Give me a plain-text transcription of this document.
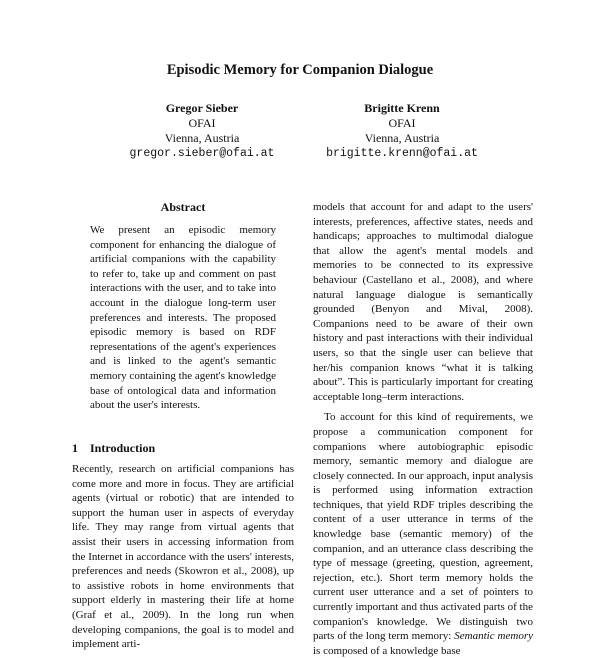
Episodic Memory for Companion Dialogue
Gregor Sieber
OFAI
Vienna, Austria
gregor.sieber@ofai.at
Brigitte Krenn
OFAI
Vienna, Austria
brigitte.krenn@ofai.at
Abstract

We present an episodic memory component for enhancing the dialogue of artificial companions with the capability to refer to, take up and comment on past interactions with the user, and to take into account in the dialogue long-term user preferences and interests. The proposed episodic memory is based on RDF representations of the agent's experiences and is linked to the agent's semantic memory containing the agent's knowledge base of ontological data and information about the user's interests.

1 Introduction

Recently, research on artificial companions has come more and more in focus. They are artificial agents (virtual or robotic) that are intended to support the human user in aspects of everyday life. They may range from virtual agents that assist their users in accessing information from the Internet in accordance with the users' interests, preferences and needs (Skowron et al., 2008), up to assistive robots in home environments that support elderly in mastering their life at home (Graf et al., 2009). In the long run when developing companions, the goal is to model and implement arti-

models that account for and adapt to the users' interests, preferences, affective states, needs and handicaps; approaches to multimodal dialogue that allow the agent's mental models and memories to be connected to its expressive behaviour (Castellano et al., 2008), and where natural language dialogue is semantically grounded (Benyon and Mival, 2008). Companions need to be aware of their own history and past interactions with their individual users, so that the single user can believe that her/his companion knows “what it is talking about”. This is particularly important for creating acceptable long–term interactions.

To account for this kind of requirements, we propose a communication component for companions where autobiographic episodic memory, semantic memory and dialogue are closely connected. In our approach, input analysis is performed using information extraction techniques, that yield RDF triples describing the content of a user utterance in terms of the knowledge base (semantic memory) of the companion, and an utterance class describing the type of message (greeting, question, agreement, rejection, etc.). Short term memory holds the current user utterance and a set of pointers to currently important and thus activated parts of the companion's knowledge. We distinguish two parts of the long term memory: Semantic memory is composed of a knowledge base
